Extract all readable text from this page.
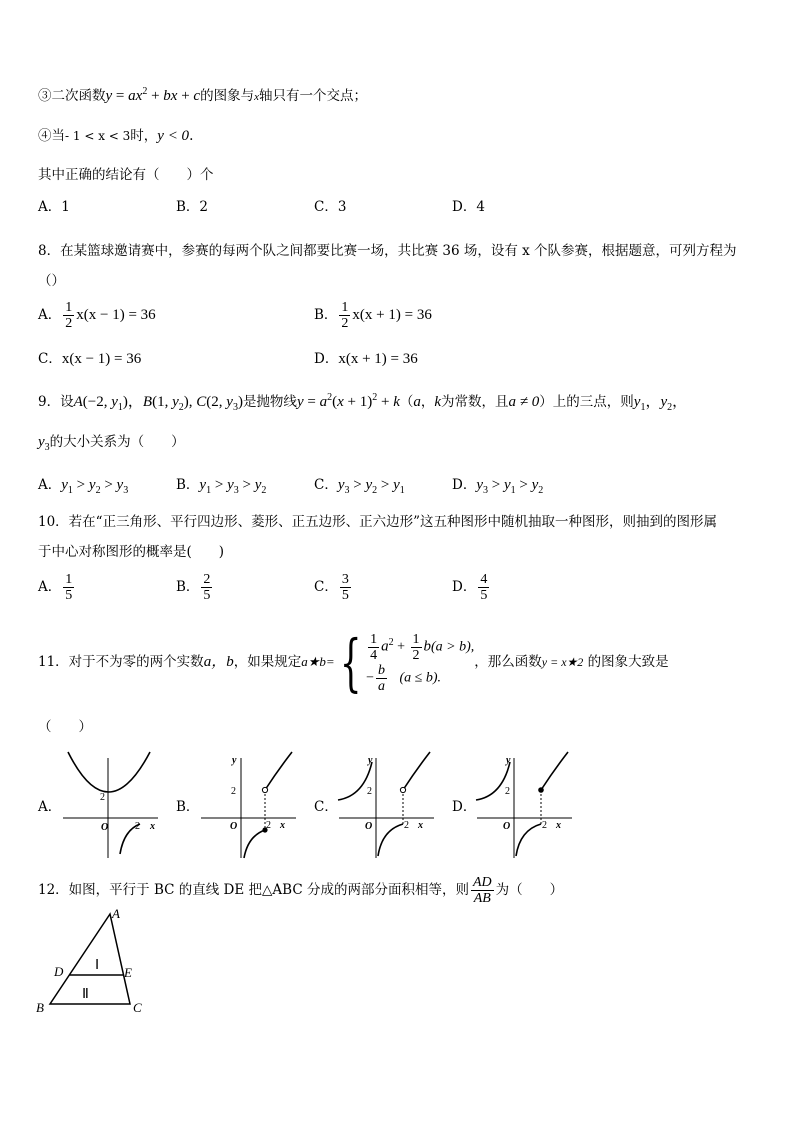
③二次函数$y = ax^2$ + bx + c的图象与x轴只有一个交点；
④当- 1 < x < 3时，y < 0.
其中正确的结论有（　　）个
A．1	B．2	C．3	D．4
8．在某篮球邀请赛中，参赛的每两个队之间都要比赛一场，共比赛 36 场，设有 x 个队参赛，根据题意，可列方程为
（）
A． $\frac{1}{2} x(x - 1) = 36$	B． $\frac{1}{2} x(x + 1) = 36$
C．x(x − 1) = 36	D．x(x + 1) = 36
9．设A(−2, $y_1$)，B(1, $y_2$), C(2, $y_3$)是抛物线$y = a^2(x + 1)^2 + k(a$，k为常数，且a ≠ 0）上的三点，则$y_1$，$y_2$，
$y_3$的大小关系为（　　）
A．$y_1 > y_2 > y_3$	B．$y_1 > y_3 > y_2$	C．$y_3 > y_2 > y_1$	D．$y_3 > y_1 > y_2$
10．若在“正三角形、平行四边形、菱形、正五边形、正六边形”这五种图形中随机抽取一种图形，则抽到的图形属
于中心对称图形的概率是(　　)
A． $\frac{1}{5}$	B． $\frac{2}{5}$	C． $\frac{3}{5}$	D． $\frac{4}{5}$
11．对于不为零的两个实数a，b，如果规定a★b={ $\frac{1}{4} a^2 + \frac{1}{2} b(a > b)$,
− $\frac{b}{a} (a \le b)$.
，那么函数y = x★2 的图象大致是
（　　）
A．	B．	C．	D．
2
O	2 x
y
2
O	2 x
y
2
O	2 x
y
2
O	2 x
12．如图，平行于 BC 的直线 DE 把△ABC 分成的两部分面积相等，则 $\frac{AD}{AB}$ 为（　　）
A
B	C
D	E
Ⅰ
Ⅱ
